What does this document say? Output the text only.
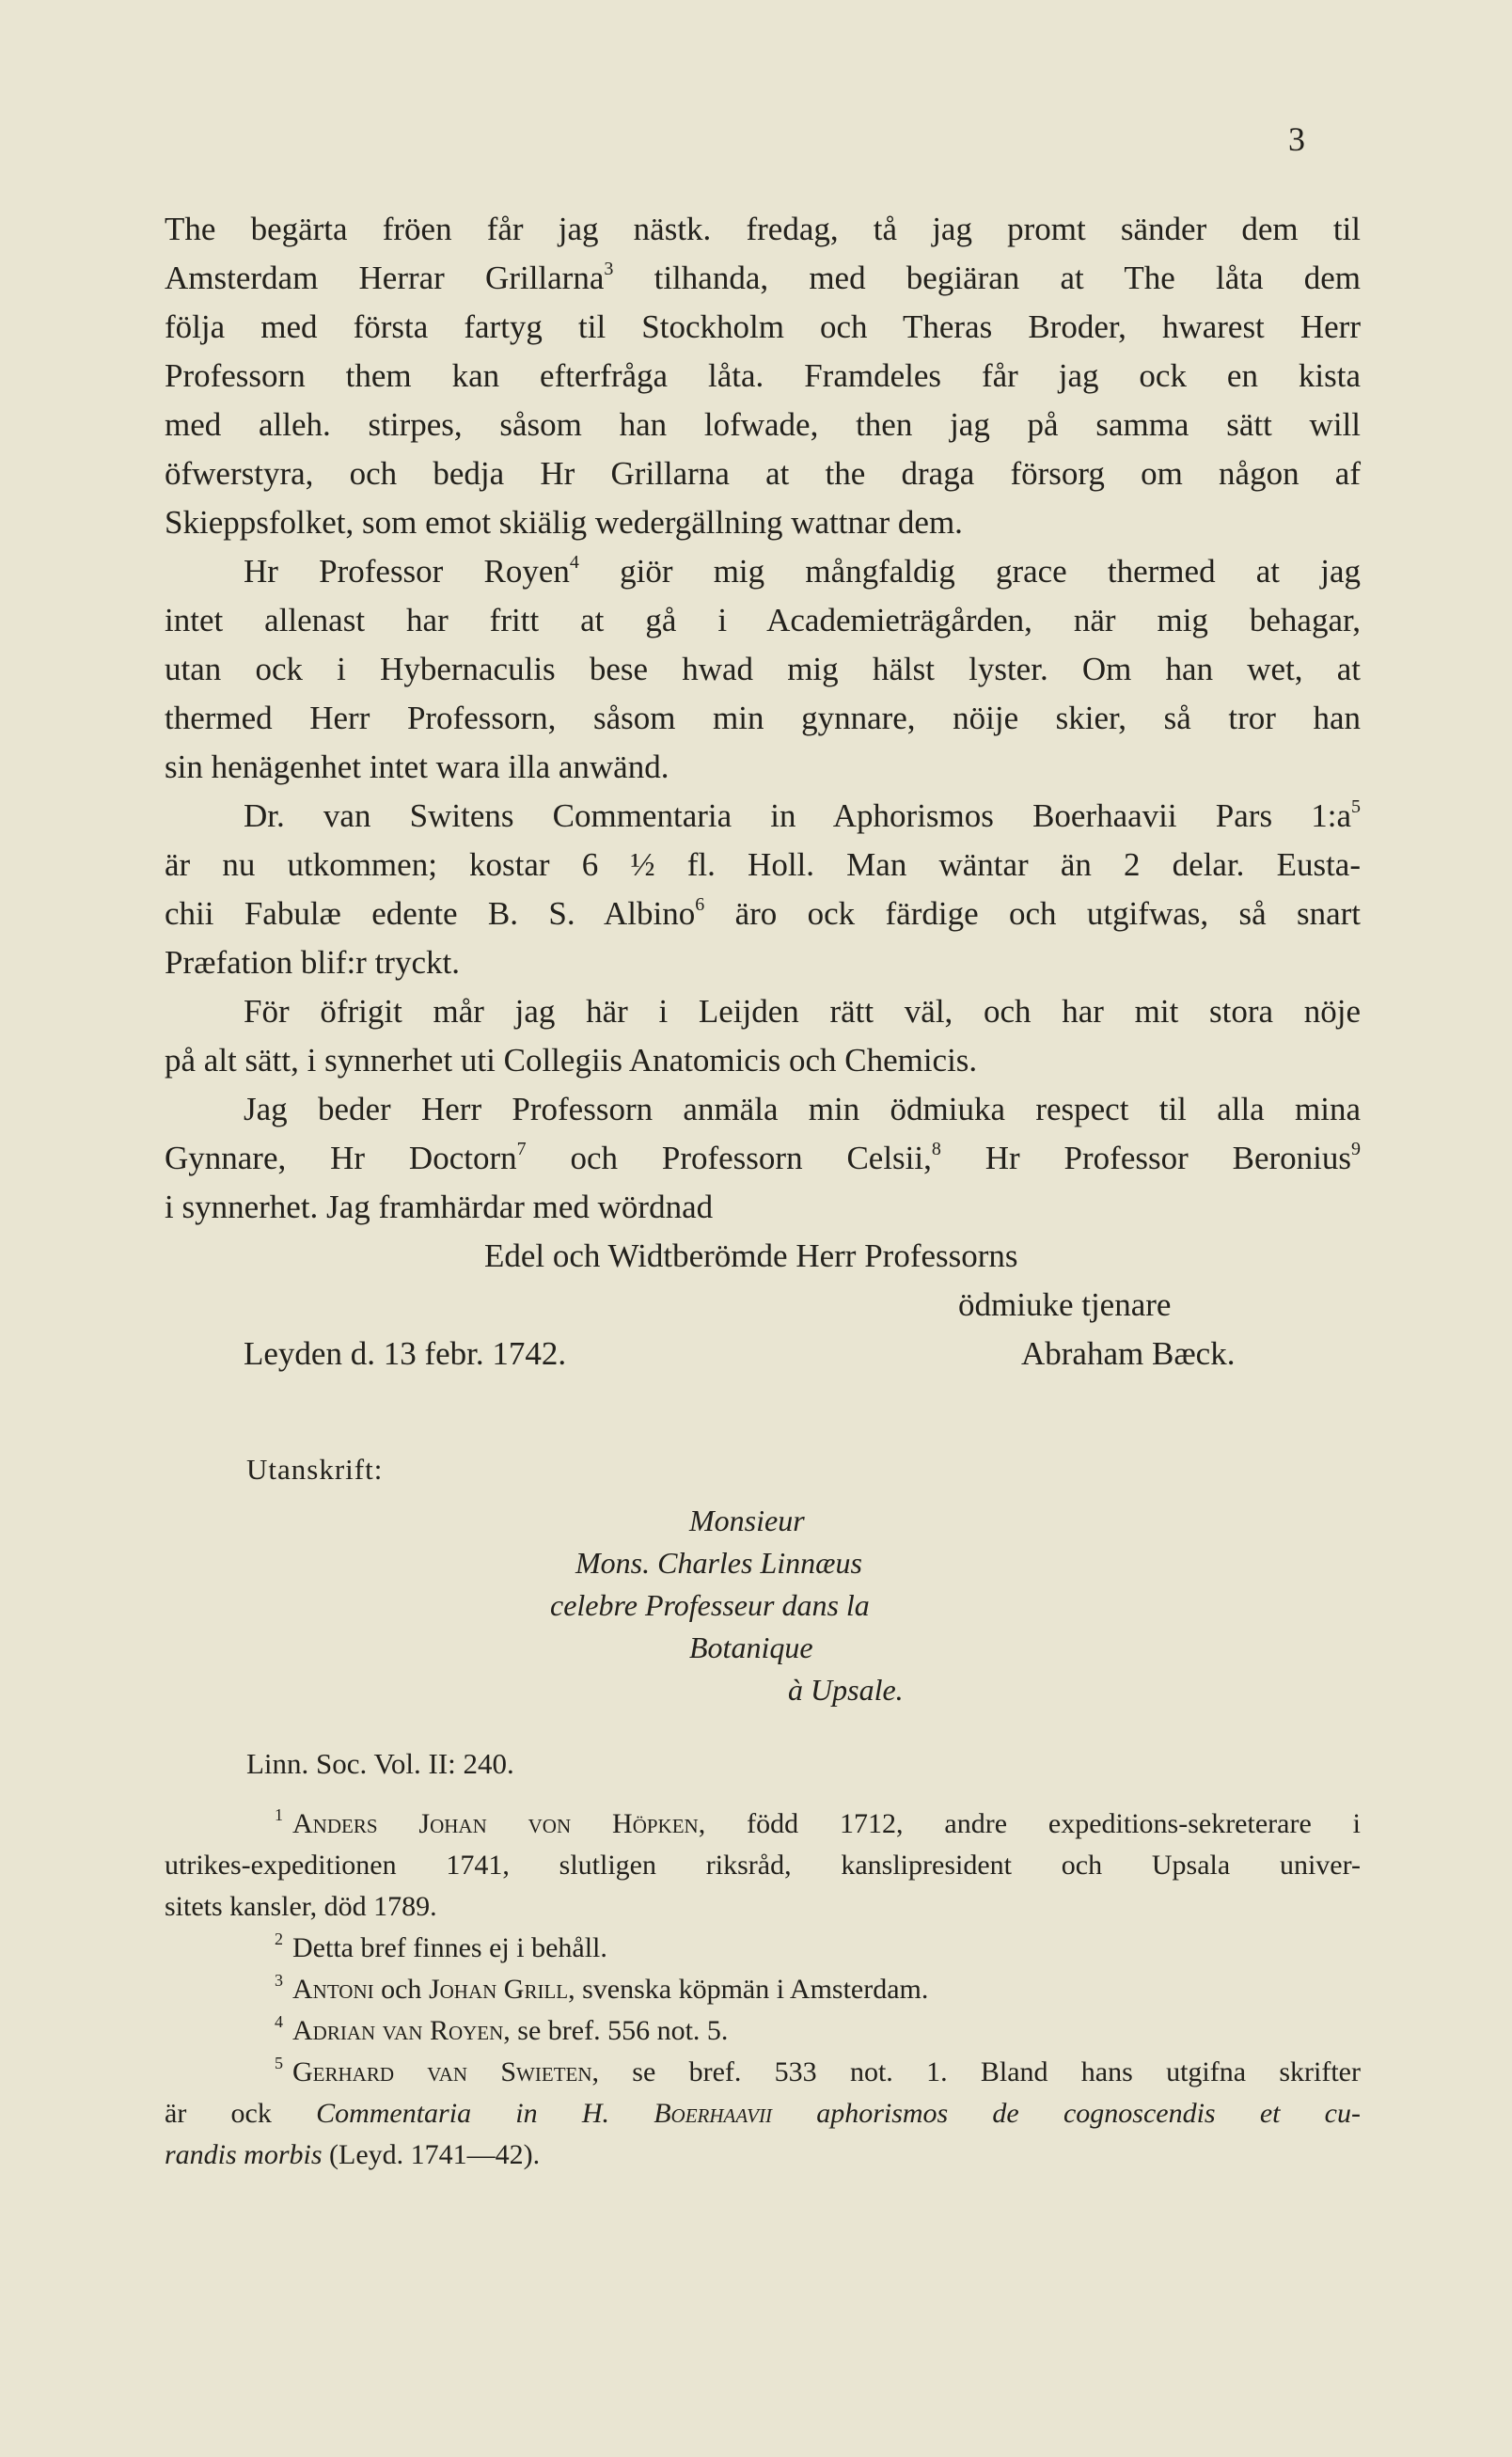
3
The begärta fröen får jag nästk. fredag, tå jag promt sänder dem til
Amsterdam Herrar Grillarna$^3$ tilhanda, med begiäran at The låta dem
följa med första fartyg til Stockholm och Theras Broder, hwarest Herr
Professorn them kan efterfråga låta. Framdeles får jag ock en kista
med alleh. stirpes, såsom han lofwade, then jag på samma sätt will
öfwerstyra, och bedja Hr Grillarna at the draga försorg om någon af
Skieppsfolket, som emot skiälig wedergällning wattnar dem.
Hr Professor Royen$^4$ giör mig mångfaldig grace thermed at jag
intet allenast har fritt at gå i Academieträgården, när mig behagar,
utan ock i Hybernaculis bese hwad mig hälst lyster. Om han wet, at
thermed Herr Professorn, såsom min gynnare, nöije skier, så tror han
sin henägenhet intet wara illa anwänd.
Dr. van Switens Commentaria in Aphorismos Boerhaavii Pars $1:a^5$
är nu utkommen; kostar 6 ½ fl. Holl. Man wäntar än 2 delar. Eusta-
chii Fabulæ edente B. S. Albino$^6$ äro ock färdige och utgifwas, så snart
Præfation blif:r tryckt.
För öfrigit mår jag här i Leijden rätt väl, och har mit stora nöje
på alt sätt, i synnerhet uti Collegiis Anatomicis och Chemicis.
Jag beder Herr Professorn anmäla min ödmiuka respect til alla mina
Gynnare, Hr Doctorn$^7$ och Professorn Celsii,$^8$ Hr Professor Beronius$^9$
i synnerhet. Jag framhärdar med wördnad
Edel och Widtberömde Herr Professorns
ödmiuke tjenare
Leyden d. 13 febr. 1742.	Abraham Bæck.
Utanskrift:
Monsieur
Mons. Charles Linnæus
celebre Professeur dans la
Botanique
à Upsale.
Linn. Soc. Vol. II: 240.
$^1$ Anders Johan von Höpken, född 1712, andre expeditions-sekreterare i
utrikes-expeditionen 1741, slutligen riksråd, kanslipresident och Upsala univer-
sitets kansler, död 1789.
$^2$ Detta bref finnes ej i behåll.
$^3$ Antoni och Johan Grill, svenska köpmän i Amsterdam.
$^4$ Adrian van Royen, se bref. 556 not. 5.
$^5$ Gerhard van Swieten, se bref. 533 not. 1. Bland hans utgifna skrifter
är ock Commentaria in H. Boerhaavii aphorismos de cognoscendis et cu-
randis morbis (Leyd. 1741—42).
